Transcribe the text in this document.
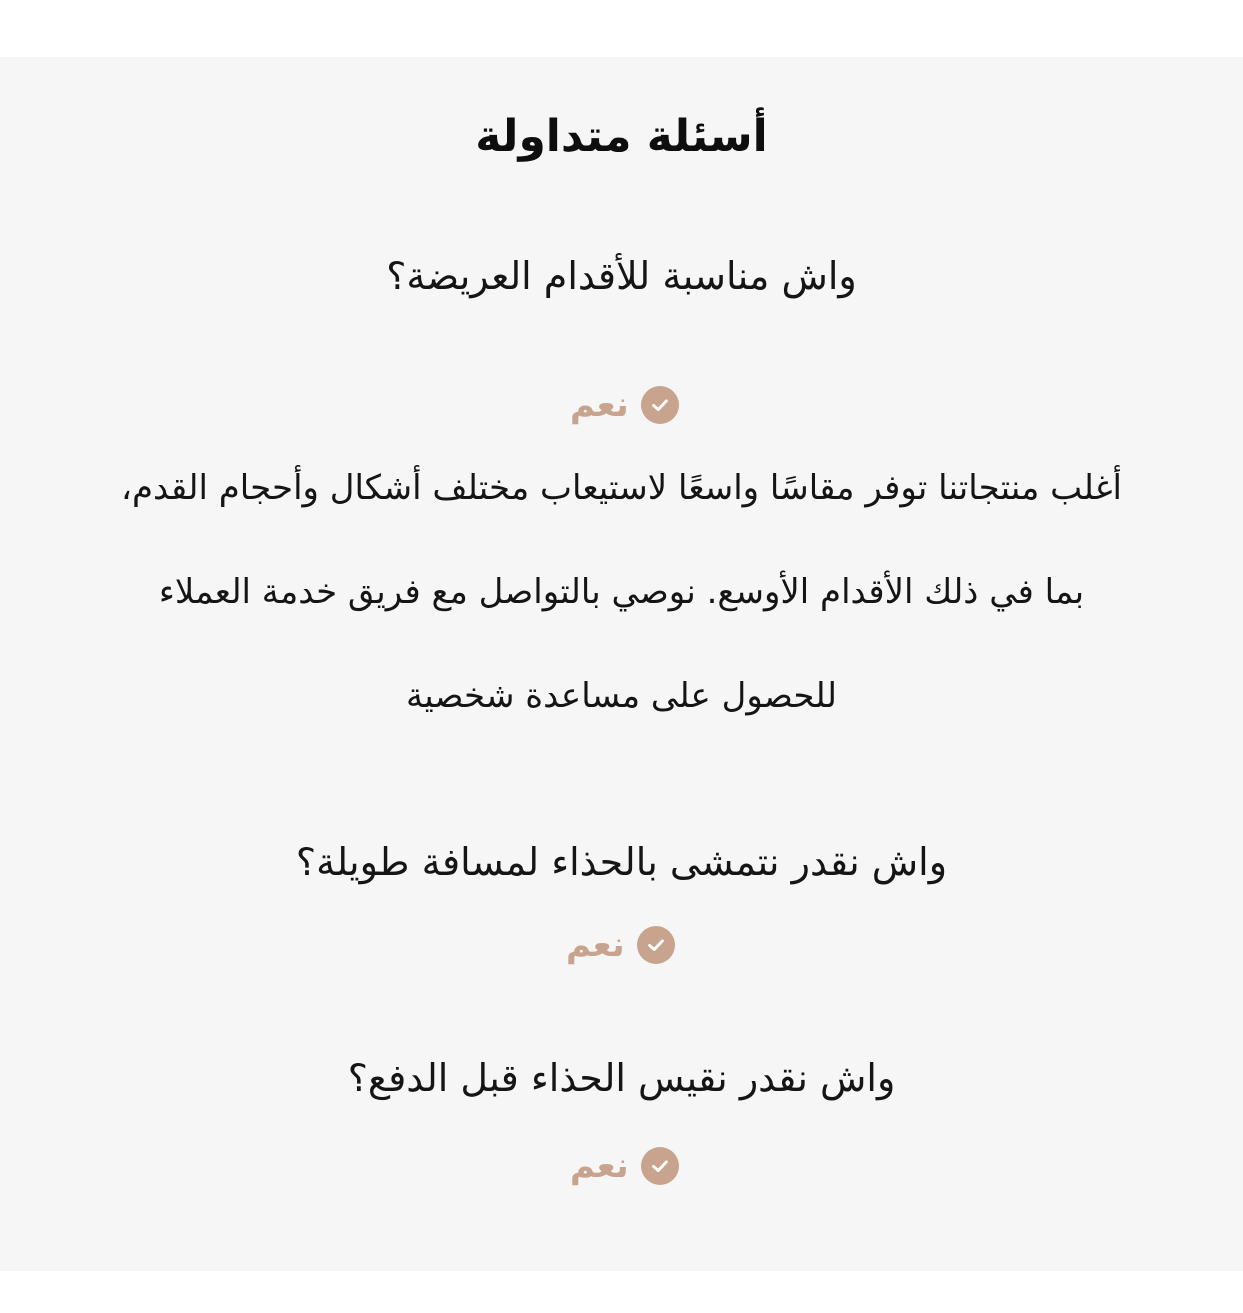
أسئلة متداولة
واش مناسبة للأقدام العريضة؟
نعم
أغلب منتجاتنا توفر مقاسًا واسعًا لاستيعاب مختلف أشكال وأحجام القدم،
بما في ذلك الأقدام الأوسع. نوصي بالتواصل مع فريق خدمة العملاء
للحصول على مساعدة شخصية
واش نقدر نتمشى بالحذاء لمسافة طويلة؟
نعم
واش نقدر نقيس الحذاء قبل الدفع؟
نعم
